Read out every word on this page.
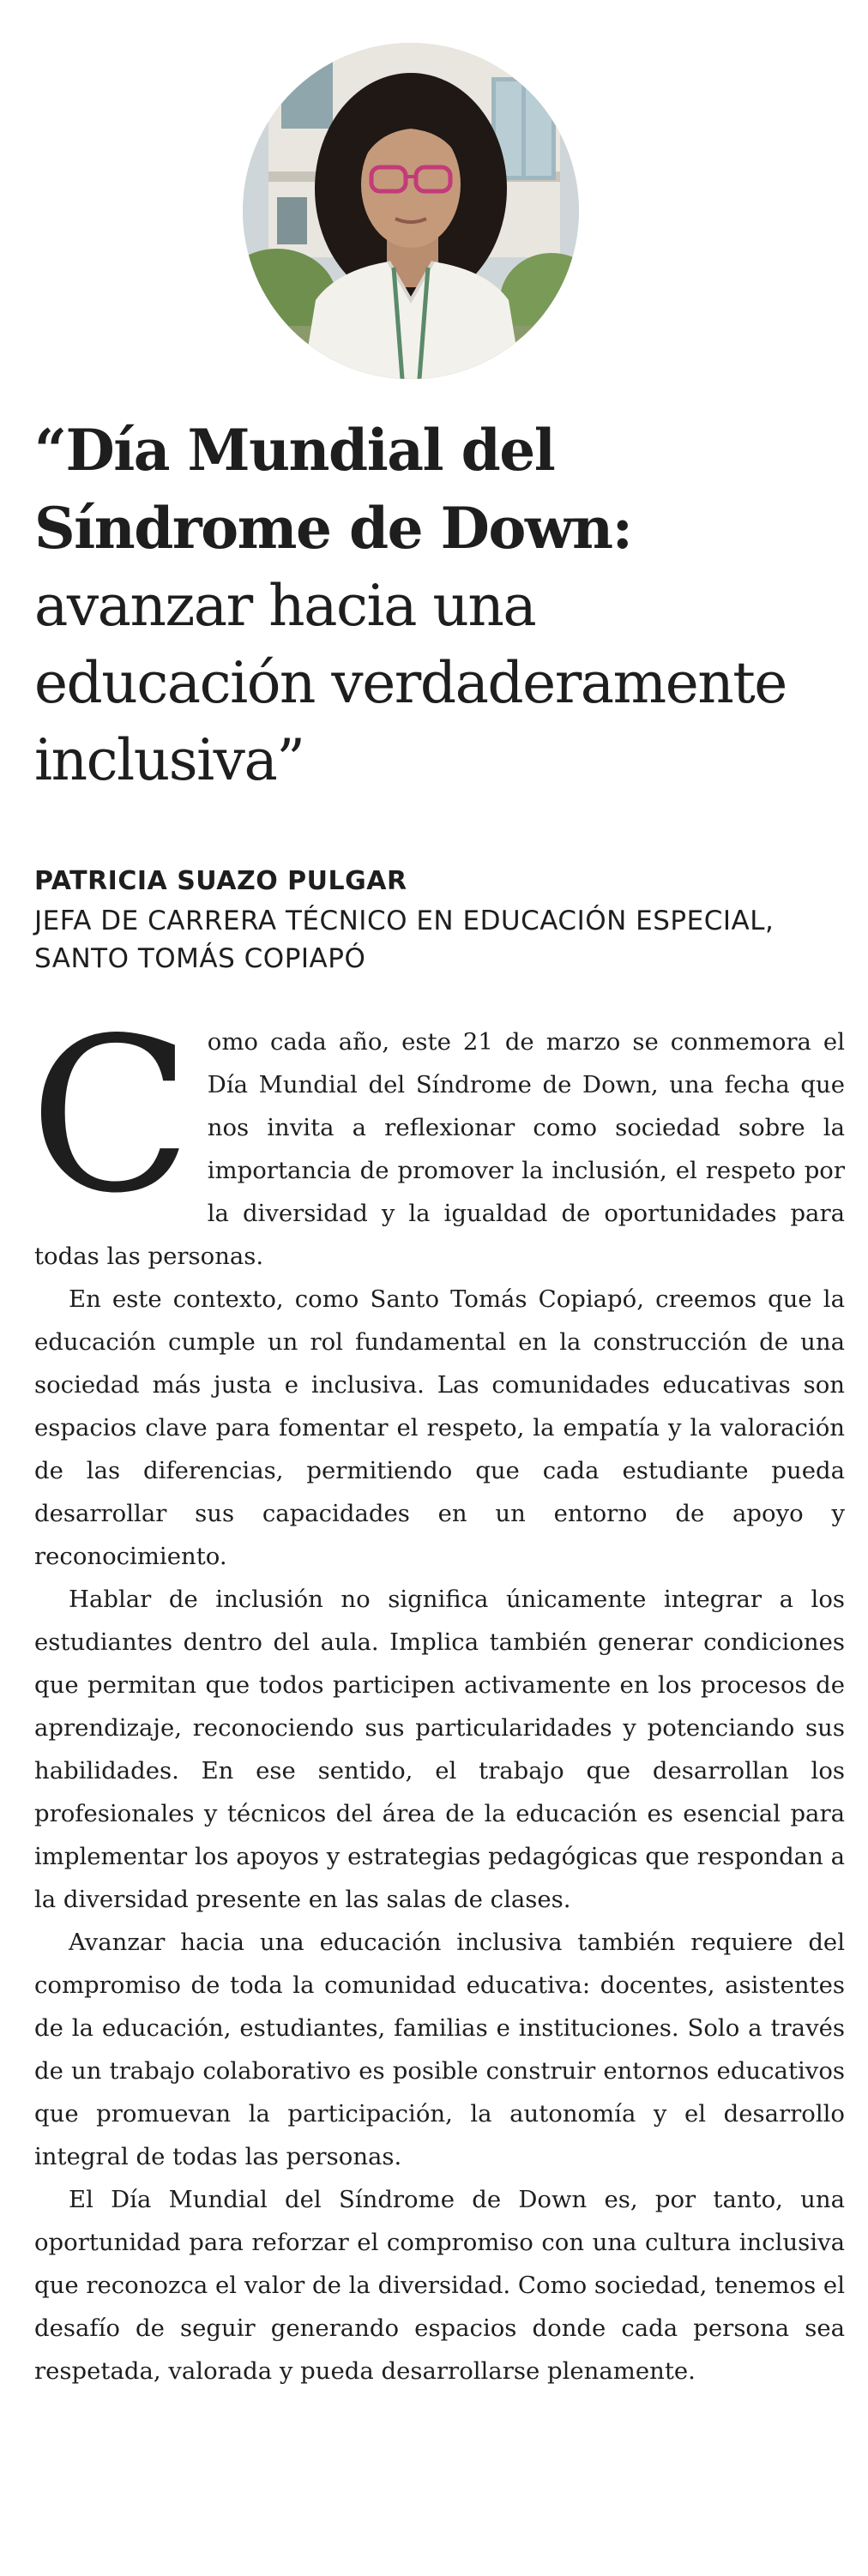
“Día Mundial del Síndrome de Down: avanzar hacia una educación verdaderamente inclusiva”

PATRICIA SUAZO PULGAR

JEFA DE CARRERA TÉCNICO EN EDUCACIÓN ESPECIAL, SANTO TOMÁS COPIAPÓ

Como cada año, este 21 de marzo se conmemora el Día Mundial del Síndrome de Down, una fecha que nos invita a reflexionar como sociedad sobre la importancia de promover la inclusión, el respeto por la diversidad y la igualdad de oportunidades para todas las personas.

En este contexto, como Santo Tomás Copiapó, creemos que la educación cumple un rol fundamental en la construcción de una sociedad más justa e inclusiva. Las comunidades educativas son espacios clave para fomentar el respeto, la empatía y la valoración de las diferencias, permitiendo que cada estudiante pueda desarrollar sus capacidades en un entorno de apoyo y reconocimiento.

Hablar de inclusión no significa únicamente integrar a los estudiantes dentro del aula. Implica también generar condiciones que permitan que todos participen activamente en los procesos de aprendizaje, reconociendo sus particularidades y potenciando sus habilidades. En ese sentido, el trabajo que desarrollan los profesionales y técnicos del área de la educación es esencial para implementar los apoyos y estrategias pedagógicas que respondan a la diversidad presente en las salas de clases.

Avanzar hacia una educación inclusiva también requiere del compromiso de toda la comunidad educativa: docentes, asistentes de la educación, estudiantes, familias e instituciones. Solo a través de un trabajo colaborativo es posible construir entornos educativos que promuevan la participación, la autonomía y el desarrollo integral de todas las personas.

El Día Mundial del Síndrome de Down es, por tanto, una oportunidad para reforzar el compromiso con una cultura inclusiva que reconozca el valor de la diversidad. Como sociedad, tenemos el desafío de seguir generando espacios donde cada persona sea respetada, valorada y pueda desarrollarse plenamente.
